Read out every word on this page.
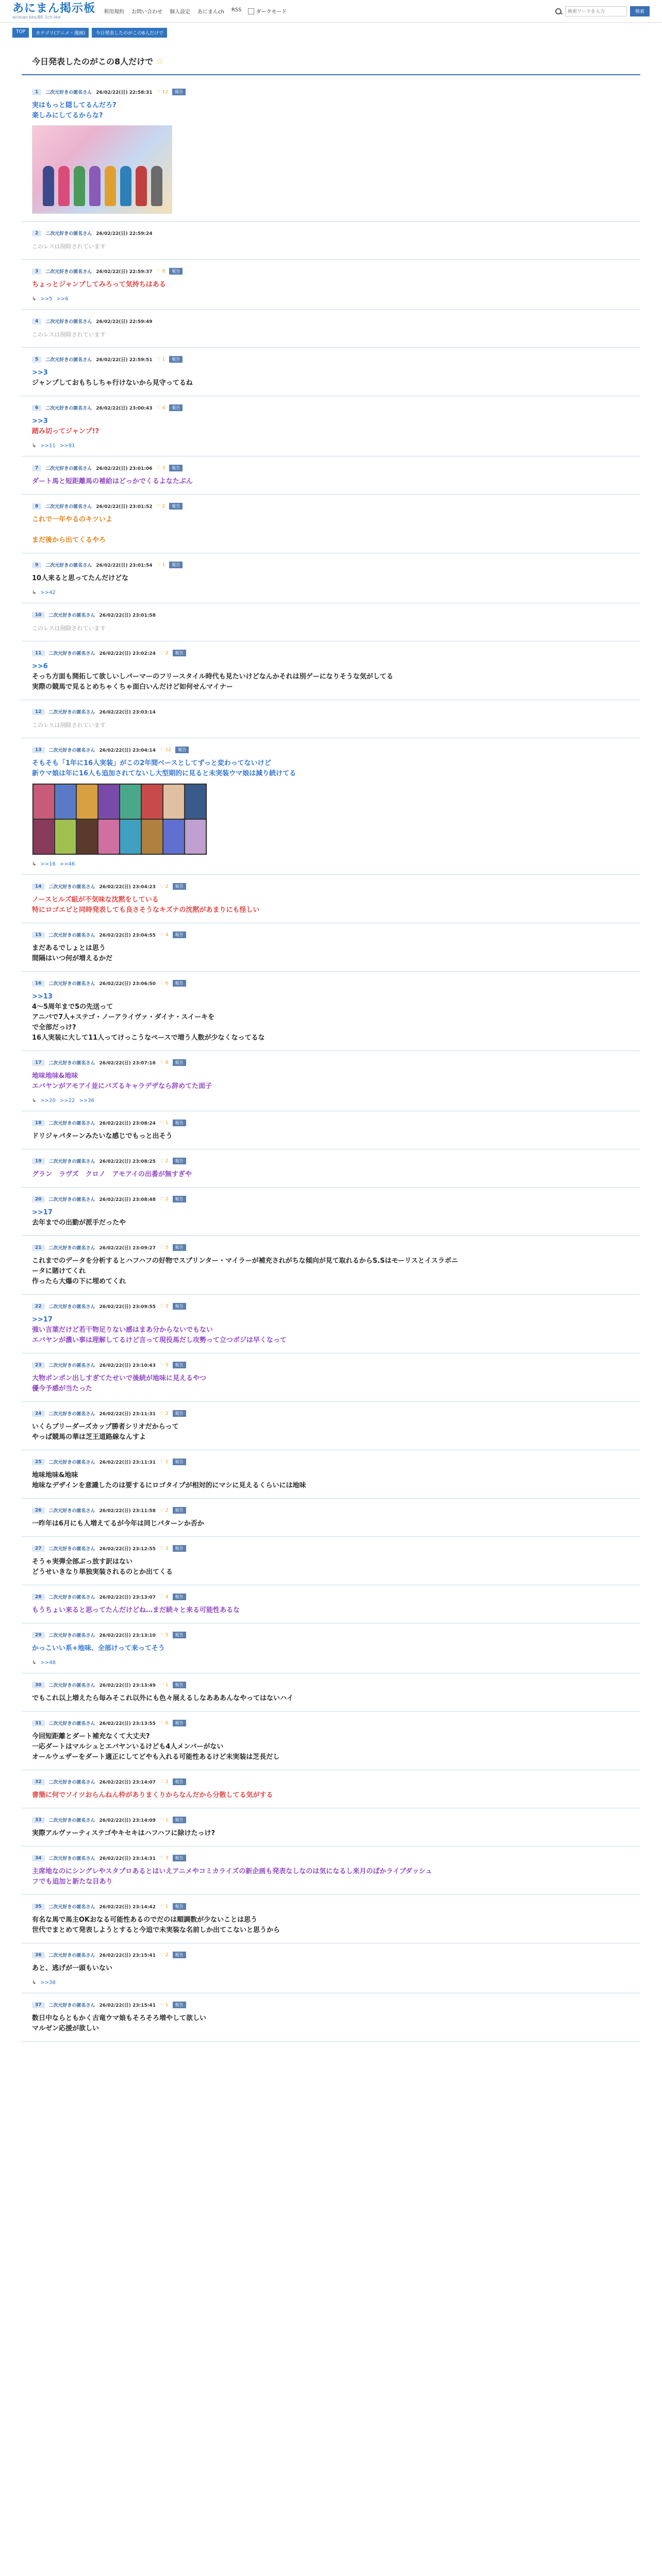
あにまん掲示板
animan bbs/BE 2ch-like
利用規約 お問い合わせ 個人設定 あにまんch RSS	ダークモード
検索ワードを入力	検索
TOP	カテゴリ(アニメ・漫画)	今日発表したのがこの8人だけで
今日発表したのがこの8人だけで ☆
1	二次元好きの匿名さん 26/02/22(日) 22:58:31 ♡ 12	報告
実はもっと隠してるんだろ?
楽しみにしてるからな?
2	二次元好きの匿名さん 26/02/22(日) 22:59:24
このレスは削除されています
3	二次元好きの匿名さん 26/02/22(日) 22:59:37 ♡ 8	報告
ちょっとジャンプしてみろって気持ちはある
↳ >>5 >>6
4	二次元好きの匿名さん 26/02/22(日) 22:59:49
このレスは削除されています
5	二次元好きの匿名さん 26/02/22(日) 22:59:51 ♡ 1	報告
>>3
ジャンプしておもちしちゃ行けないから見守ってるね
6	二次元好きの匿名さん 26/02/22(日) 23:00:43 ♡ 4	報告
>>3
踏み切ってジャンプ!?
↳ >>11 >>91
7	二次元好きの匿名さん 26/02/22(日) 23:01:06 ♡ 3	報告
ダート馬と短距離馬の補給はどっかでくるよなたぶん
8	二次元好きの匿名さん 26/02/22(日) 23:01:52 ♡ 2	報告
これで一年やるのキツいよ

まだ後から出てくるやろ
9	二次元好きの匿名さん 26/02/22(日) 23:01:54 ♡ 1	報告
10人来ると思ってたんだけどな
↳ >>42
10	二次元好きの匿名さん 26/02/22(日) 23:01:58
このレスは削除されています
11	二次元好きの匿名さん 26/02/22(日) 23:02:24 ♡ 2	報告
>>6
そっち方面も開拓して欲しいしパーマーのフリースタイル時代も見たいけどなんかそれは別ゲーになりそうな気がしてる
実際の競馬で見るとめちゃくちゃ面白いんだけど如何せんマイナー
12	二次元好きの匿名さん 26/02/22(日) 23:03:14
このレスは削除されています
13	二次元好きの匿名さん 26/02/22(日) 23:04:14 ♡ 12	報告
そもそも「1年に16人実装」がこの2年間ベースとしてずっと変わってないけど
新ウマ娘は年に16人も追加されてないし大型期的に見ると未実装ウマ娘は減り続けてる
↳ >>16 >>46
14	二次元好きの匿名さん 26/02/22(日) 23:04:23 ♡ 2	報告
ノースヒルズ組が不気味な沈黙をしている
特にロゴエピと同時発表しても良さそうなキズナの沈黙があまりにも怪しい
15	二次元好きの匿名さん 26/02/22(日) 23:04:55 ♡ 4	報告
まだあるでしょとは思う
間隔はいつ何が増えるかだ
16	二次元好きの匿名さん 26/02/22(日) 23:06:50 ♡ 6	報告
>>13
4〜5周年まで5の先送って
アニバで7人+ステゴ・ノーアライヴァ・ダイナ・スイーキを
で全部だっけ?
16人実装に大して11人ってけっこうなペースで増う人数が少なくなってるな
17	二次元好きの匿名さん 26/02/22(日) 23:07:16 ♡ 8	報告
地味地味&地味
エバヤンがアモアイ並にバズるキャラデザなら辞めてた面子
↳ >>20 >>22 >>36
18	二次元好きの匿名さん 26/02/22(日) 23:08:24 ♡ 1	報告
ドリジャパターンみたいな感じでもっと出そう
19	二次元好きの匿名さん 26/02/22(日) 23:08:25 ♡ 2	報告
グラン　ラヴズ　クロノ　アモアイの出番が無すぎや
20	二次元好きの匿名さん 26/02/22(日) 23:08:48 ♡ 2	報告
>>17
去年までの出勤が派手だったや
21	二次元好きの匿名さん 26/02/22(日) 23:09:27 ♡ 5	報告
これまでのデータを分析するとハフハフの好物でスプリンター・マイラーが補充されがちな傾向が見て取れるからS.Sはモーリスとイスラボニ
ータに賭けてくれ
作ったら大爆の下に埋めてくれ
22	二次元好きの匿名さん 26/02/22(日) 23:09:55 ♡ 3	報告
>>17
強い言葉だけど若干物足りない感はまあ分からないでもない
エバヤンが濃い事は理解してるけど言って現役馬だし攻勢って立つポジは早くなって
23	二次元好きの匿名さん 26/02/22(日) 23:10:43 ♡ 5	報告
大物ポンポン出しすぎてたせいで後続が地味に見えるやつ
優今予感が当たった
24	二次元好きの匿名さん 26/02/22(日) 23:11:31 ♡ 2	報告
いくらブリーダーズカップ勝者シリオだからって
やっぱ競馬の華は芝王道路線なんすよ
25	二次元好きの匿名さん 26/02/22(日) 23:11:31 ♡ 1	報告
地味地味&地味
地味なデザインを意識したのは要するにロゴタイプが相対的にマシに見えるくらいには地味
26	二次元好きの匿名さん 26/02/22(日) 23:11:58 ♡ 2	報告
一昨年は6月にも人増えてるが今年は同じパターンか否か
27	二次元好きの匿名さん 26/02/22(日) 23:12:55 ♡ 3	報告
そうゃ実弾全部ぶっ放す訳はない
どうせいきなり単独実装されるのとか出てくる
28	二次元好きの匿名さん 26/02/22(日) 23:13:07 ♡ 4	報告
もうちょい来ると思ってたんだけどね…まだ続々と来る可能性あるな
29	二次元好きの匿名さん 26/02/22(日) 23:13:10 ♡ 5	報告
かっこいい系+地味、全部けって来ってそう
↳ >>48
30	二次元好きの匿名さん 26/02/22(日) 23:13:49 ♡ 1	報告
でもこれ以上増えたら毎みそこれ以外にも色々展えるしなあああんなやってはないハイ
31	二次元好きの匿名さん 26/02/22(日) 23:13:55 ♡ 6	報告
今回短距離とダート補充なくて大丈夫?
一応ダートはマルシュとエバヤンいるけども4人メンバーがない
オールウェザーをダート適正にしてどやも入れる可能性あるけど未実装は芝長だし
32	二次元好きの匿名さん 26/02/22(日) 23:14:07 ♡ 2	報告
書簡に何でソイツおらんねん枠がありまくりからなんだから分散してる気がする
33	二次元好きの匿名さん 26/02/22(日) 23:14:09 ♡ 1	報告
実際アルヴァーティステゴやキセキはハフハフに除けたっけ?
34	二次元好きの匿名さん 26/02/22(日) 23:14:31 ♡ 3	報告
主席地なのにシングレやスタプロあるとはいえアニメやコミカライズの新企画も発表なしなのは気になるし来月のぱかライブダッシュ
フでも追加と新たな目あり
35	二次元好きの匿名さん 26/02/22(日) 23:14:42 ♡ 1	報告
有名な馬で馬主OKおなる可能性あるのでだのは順調数が少ないことは思う
世代でまとめて発表しようとすると今追で未実装な名前しか出てこないと思うから
36	二次元好きの匿名さん 26/02/22(日) 23:15:41 ♡ 2	報告
あと、逃げが一頭もいない
↳ >>38
37	二次元好きの匿名さん 26/02/22(日) 23:15:41 ♡ 1	報告
数日中ならともかく古竜ウマ娘もそろそろ増やして欲しい
マルゼン応援が欲しい
